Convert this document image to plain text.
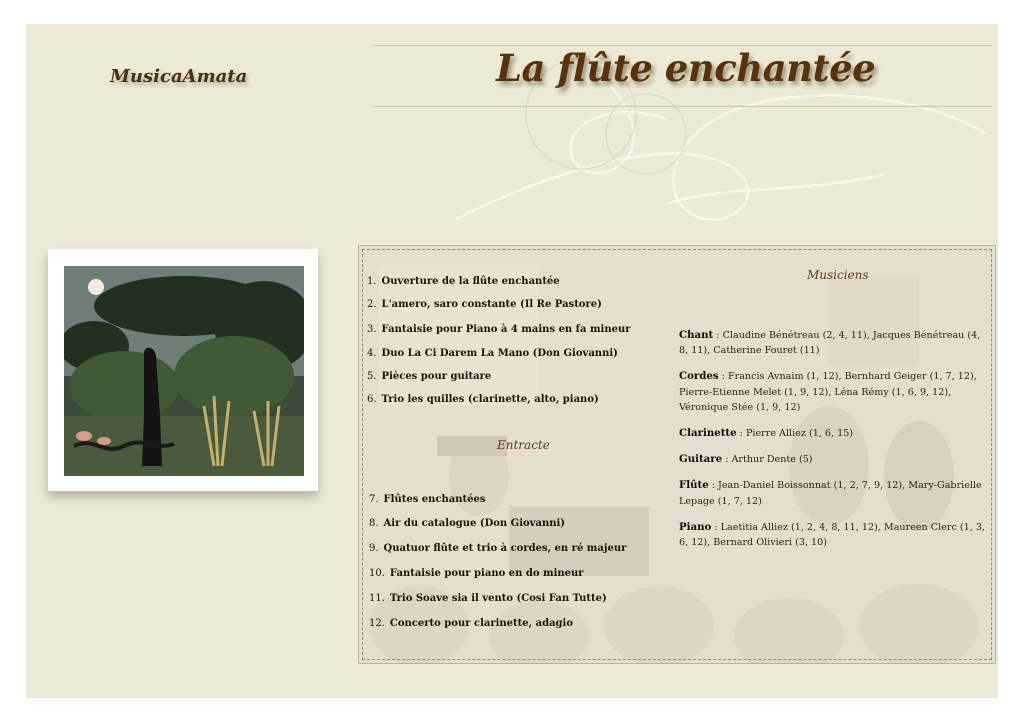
MusicaAmata	La flûte enchantée
1. Ouverture de la flûte enchantée
2. L'amero, saro constante (Il Re Pastore)
3. Fantaisie pour Piano à 4 mains en fa mineur
4. Duo La Ci Darem La Mano (Don Giovanni)
5. Pièces pour guitare
6. Trio les quilles (clarinette, alto, piano)
Entracte
7. Flûtes enchantées
8. Air du catalogue (Don Giovanni)
9. Quatuor flûte et trio à cordes, en ré majeur
10. Fantaisie pour piano en do mineur
11. Trio Soave sia il vento (Cosi Fan Tutte)
12. Concerto pour clarinette, adagio
Musiciens
Chant : Claudine Bénétreau (2, 4, 11), Jacques Bénétreau (4, 8, 11), Catherine Fouret (11)
Cordes : Francis Avnaim (1, 12), Bernhard Geiger (1, 7, 12), Pierre-Etienne Melet (1, 9, 12), Léna Rémy (1, 6, 9, 12), Véronique Stée (1, 9, 12)
Clarinette : Pierre Alliez (1, 6, 15)
Guitare : Arthur Dente (5)
Flûte : Jean-Daniel Boissonnat (1, 2, 7, 9, 12), Mary-Gabrielle Lepage (1, 7, 12)
Piano : Laetitia Alliez (1, 2, 4, 8, 11, 12), Maureen Clerc (1, 3, 6, 12), Bernard Olivieri (3, 10)
